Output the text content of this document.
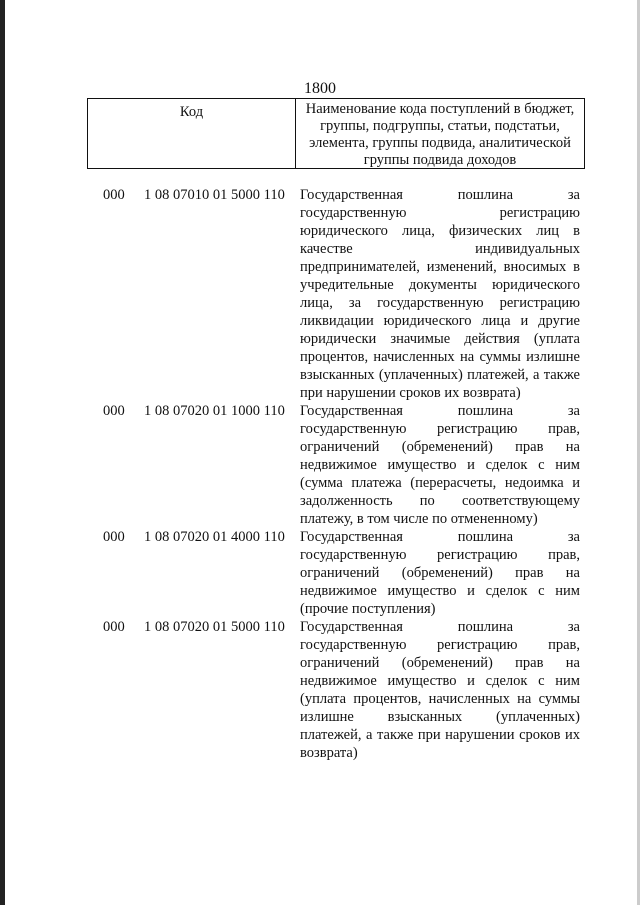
1800
Код	Наименование кода поступлений в бюджет, группы, подгруппы, статьи, подстатьи, элемента, группы подвида, аналитической группы подвида доходов
000 1 08 07010 01 5000 110 Государственная пошлина за государственную регистрацию юридического лица, физических лиц в качестве индивидуальных предпринимателей, изменений, вносимых в учредительные документы юридического лица, за государственную регистрацию ликвидации юридического лица и другие юридически значимые действия (уплата процентов, начисленных на суммы излишне взысканных (уплаченных) платежей, а также при нарушении сроков их возврата)
000 1 08 07020 01 1000 110 Государственная пошлина за государственную регистрацию прав, ограничений (обременений) прав на недвижимое имущество и сделок с ним (сумма платежа (перерасчеты, недоимка и задолженность по соответствующему платежу, в том числе по отмененному)
000 1 08 07020 01 4000 110 Государственная пошлина за государственную регистрацию прав, ограничений (обременений) прав на недвижимое имущество и сделок с ним (прочие поступления)
000 1 08 07020 01 5000 110 Государственная пошлина за государственную регистрацию прав, ограничений (обременений) прав на недвижимое имущество и сделок с ним (уплата процентов, начисленных на суммы излишне взысканных (уплаченных) платежей, а также при нарушении сроков их возврата)
